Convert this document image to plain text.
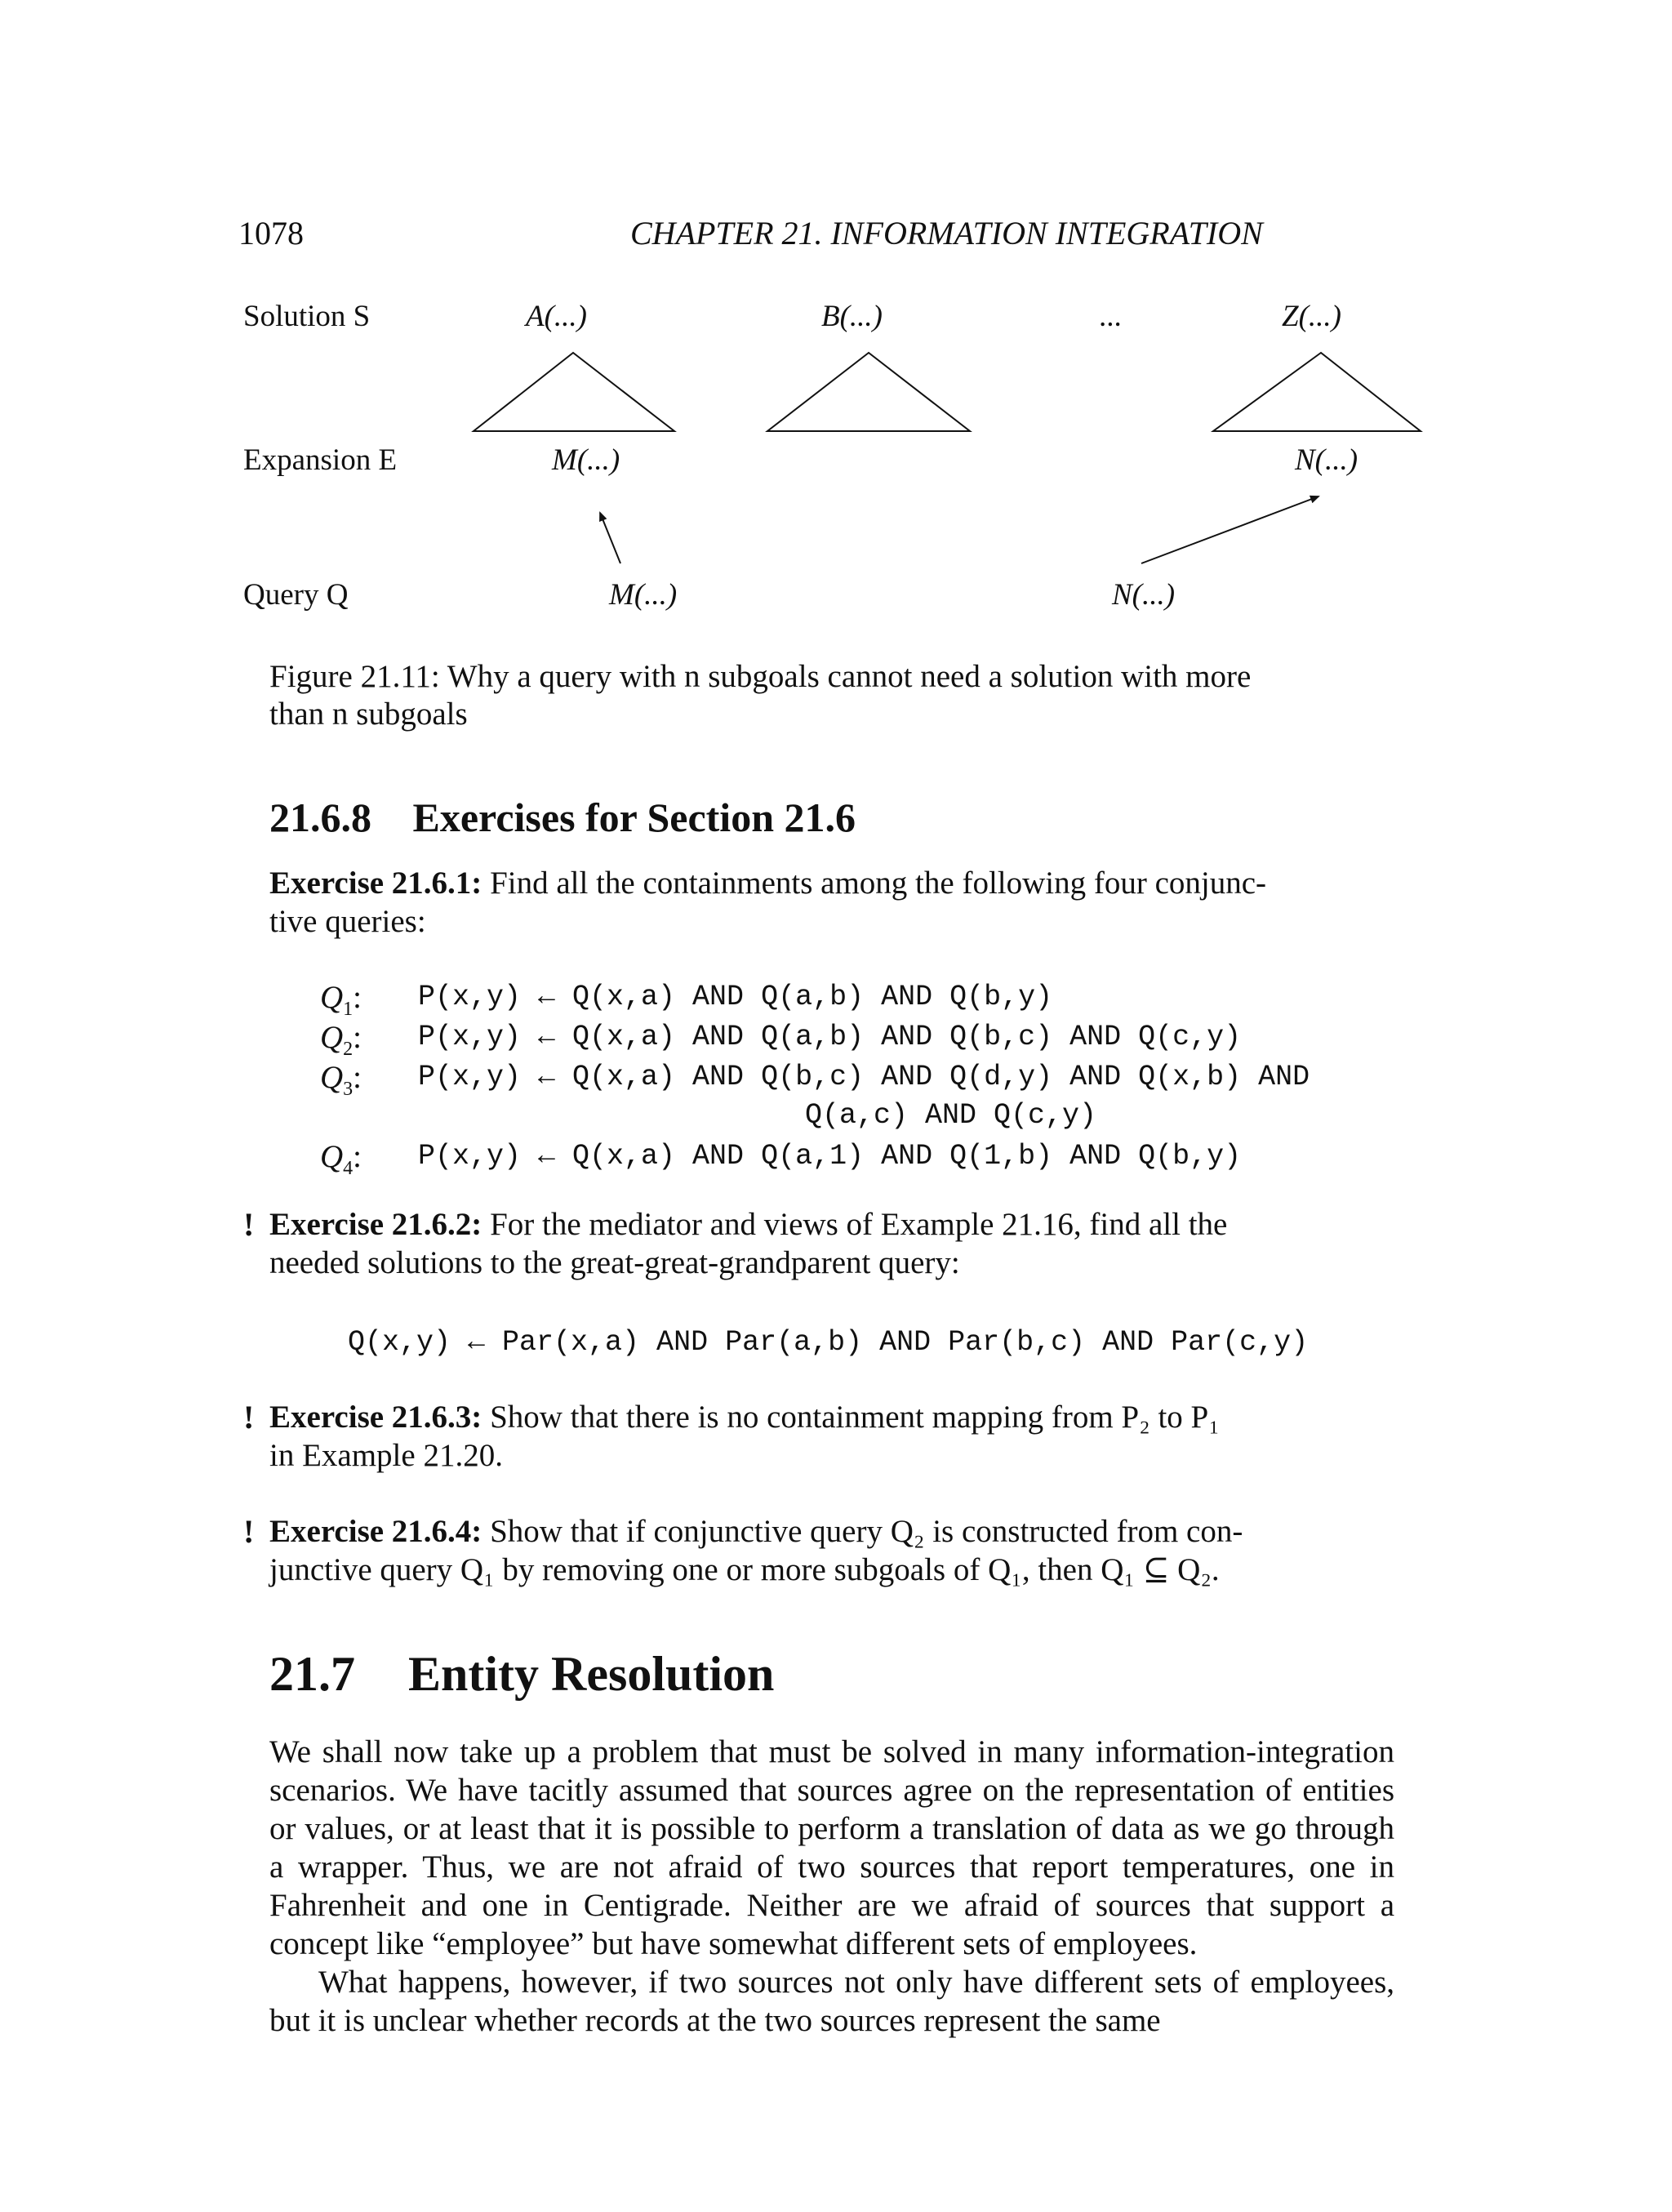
1078	CHAPTER 21. INFORMATION INTEGRATION
Solution S
Expansion E
Query Q
A(...)	B(...)	...	Z(...)
M(...)	N(...)
M(...)	N(...)
Figure 21.11: Why a query with n subgoals cannot need a solution with more
than n subgoals
21.6.8 Exercises for Section 21.6
Exercise 21.6.1: Find all the containments among the following four conjunc-
tive queries:
$Q_1$: P(x,y) ← Q(x,a) AND Q(a,b) AND Q(b,y)
$Q_2$: P(x,y) ← Q(x,a) AND Q(a,b) AND Q(b,c) AND Q(c,y)
$Q_3$: P(x,y) ← Q(x,a) AND Q(b,c) AND Q(d,y) AND Q(x,b) AND
Q(a,c) AND Q(c,y)
$Q_4$: P(x,y) ← Q(x,a) AND Q(a,1) AND Q(1,b) AND Q(b,y)
! Exercise 21.6.2: For the mediator and views of Example 21.16, find all the
needed solutions to the great-great-grandparent query:
Q(x,y) ← Par(x,a) AND Par(a,b) AND Par(b,c) AND Par(c,y)
! Exercise 21.6.3: Show that there is no containment mapping from P₂ to P₁
in Example 21.20.
! Exercise 21.6.4: Show that if conjunctive query Q₂ is constructed from con-
junctive query Q₁ by removing one or more subgoals of Q₁, then Q₁ ⊆ Q₂.
21.7 Entity Resolution

We shall now take up a problem that must be solved in many information-integration scenarios. We have tacitly assumed that sources agree on the representation of entities or values, or at least that it is possible to perform a translation of data as we go through a wrapper. Thus, we are not afraid of two sources that report temperatures, one in Fahrenheit and one in Centigrade. Neither are we afraid of sources that support a concept like “employee” but have somewhat different sets of employees.

What happens, however, if two sources not only have different sets of employees, but it is unclear whether records at the two sources represent the same
